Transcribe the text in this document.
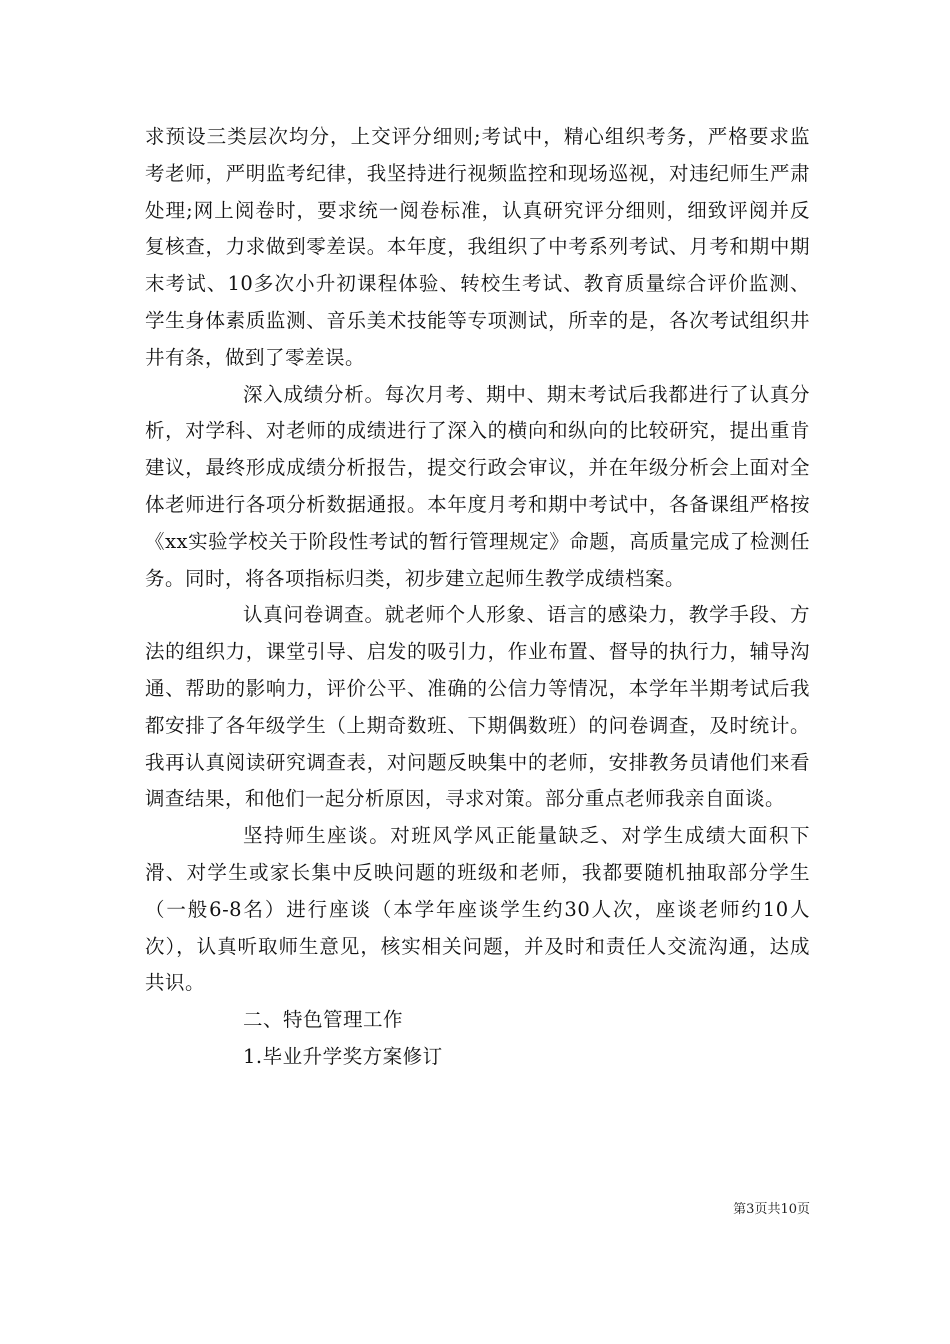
求预设三类层次均分，上交评分细则;考试中，精心组织考务，严格要求监考老师，严明监考纪律，我坚持进行视频监控和现场巡视，对违纪师生严肃处理;网上阅卷时，要求统一阅卷标准，认真研究评分细则，细致评阅并反复核查，力求做到零差误。本年度，我组织了中考系列考试、月考和期中期末考试、10多次小升初课程体验、转校生考试、教育质量综合评价监测、学生身体素质监测、音乐美术技能等专项测试，所幸的是，各次考试组织井井有条，做到了零差误。

深入成绩分析。每次月考、期中、期末考试后我都进行了认真分析，对学科、对老师的成绩进行了深入的横向和纵向的比较研究，提出重肯建议，最终形成成绩分析报告，提交行政会审议，并在年级分析会上面对全体老师进行各项分析数据通报。本年度月考和期中考试中，各备课组严格按《xx实验学校关于阶段性考试的暂行管理规定》命题，高质量完成了检测任务。同时，将各项指标归类，初步建立起师生教学成绩档案。

认真问卷调查。就老师个人形象、语言的感染力，教学手段、方法的组织力，课堂引导、启发的吸引力，作业布置、督导的执行力，辅导沟通、帮助的影响力，评价公平、准确的公信力等情况，本学年半期考试后我都安排了各年级学生（上期奇数班、下期偶数班）的问卷调查，及时统计。我再认真阅读研究调查表，对问题反映集中的老师，安排教务员请他们来看调查结果，和他们一起分析原因，寻求对策。部分重点老师我亲自面谈。

坚持师生座谈。对班风学风正能量缺乏、对学生成绩大面积下滑、对学生或家长集中反映问题的班级和老师，我都要随机抽取部分学生（一般6-8名）进行座谈（本学年座谈学生约30人次，座谈老师约10人次），认真听取师生意见，核实相关问题，并及时和责任人交流沟通，达成共识。

二、特色管理工作

1.毕业升学奖方案修订

第3页共10页
